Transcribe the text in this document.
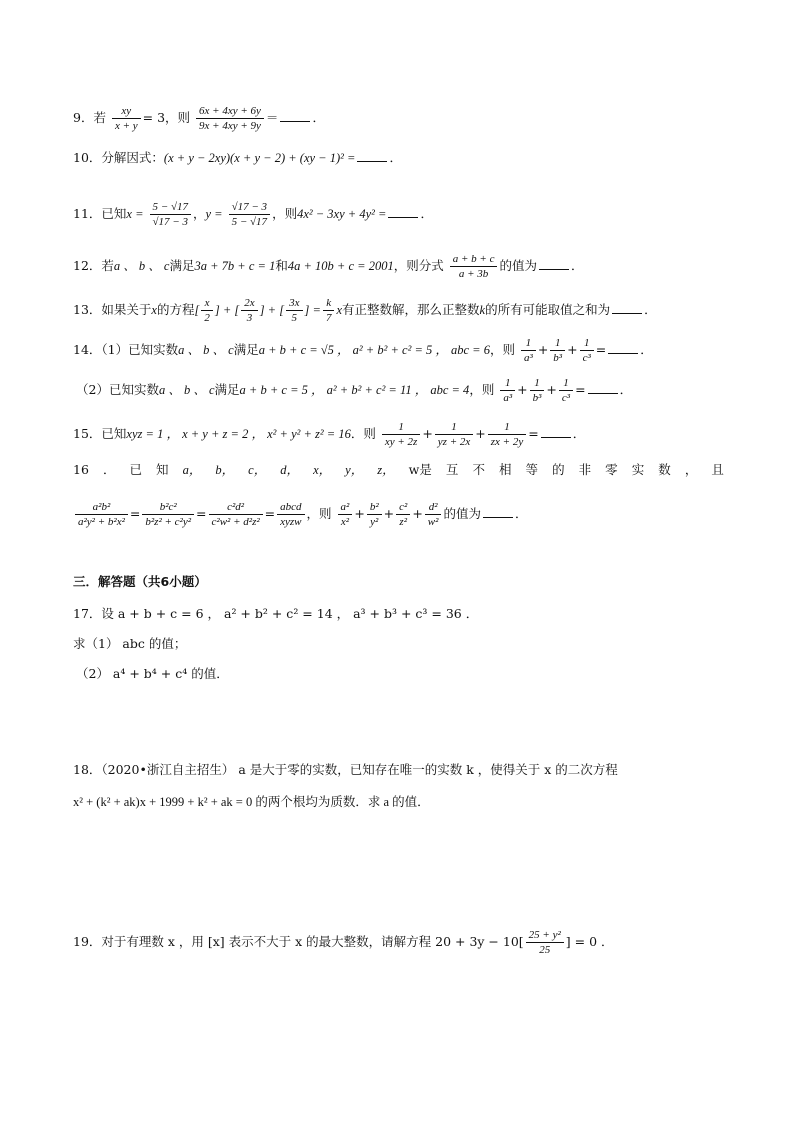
9．若 $\frac{xy}{x + y} = 3$，则 $\frac{6x + 4xy + 6y}{9x + 4xy + 9y}$ ＝	．
10．分解因式：(x + y − 2xy)(x + y − 2) + (xy − 1)² =	．
11．已知$x = \frac{5 - √17}{√17 - 3}$ ，$y = \frac{√17 - 3}{5 - √17}$ ，则4x² − 3xy + 4y² =	．
12．若a 、 b 、 c满足3a + 7b + c = 1和4a + 10b + c = 2001，则分式 $\frac{a + b + c}{a + 3b}$ 的值为	．
13．如果关于x的方程[ $\frac{x}{2}$ ] + [ $\frac{2x}{3}$ ] + [ $\frac{3x}{5}$ ] = $\frac{k}{7}$ x有正整数解，那么正整数k的所有可能取值之和为	．
14．（1）已知实数a 、 b 、 c满足a + b + c = √5 ， a² + b² + c² = 5 ， abc = 6，则 $\frac{1}{\text{a³}} + \frac{1}{\text{b³}} + \frac{1}{\text{c³}}$ =	．
（2）已知实数a 、 b 、 c满足a + b + c = 5 ， a² + b² + c² = 11 ， abc = 4，则 $\frac{1}{\text{a³}} + \frac{1}{\text{b³}} + \frac{1}{\text{c³}}$ =	．
15．已知xyz = 1 ， x + y + z = 2 ， x² + y² + z² = 16．则 $\frac{1}{xy + 2z} + \frac{1}{yz + 2x} + \frac{1}{zx + 2y}$ =	．
16 ． 已 知 a， b， c， d， x， y， z， w是 互 不 相 等 的 非 零 实 数 ， 且
$\frac{\text{a²b²}}{\text{a²y² + b²x²}} = \frac{\text{b²c²}}{\text{b²z² + c²y²}} = \frac{\text{c²d²}}{\text{c²w² + d²z²}} = \frac{\text{abcd}}{\text{xyzw}}$ ，则 $\frac{\text{a²}}{\text{x²}} + \frac{\text{b²}}{\text{y²}} + \frac{\text{c²}}{\text{z²}} + \frac{\text{d²}}{\text{w²}}$ 的值为	．
三．解答题（共6小题）
17．设 a + b + c = 6 ， a² + b² + c² = 14 ， a³ + b³ + c³ = 36 ．
求（1） abc 的值；
（2） a⁴ + b⁴ + c⁴ 的值．
18．（2020•浙江自主招生） a 是大于零的实数，已知存在唯一的实数 k ，使得关于 x 的二次方程
x² + (k² + ak)x + 1999 + k² + ak = 0 的两个根均为质数．求 a 的值．
19．对于有理数 x ，用 [x] 表示不大于 x 的最大整数，请解方程 $20 + 3y - 10[ \frac{\text{25 + y²}}{25}$ ] = 0 ．
